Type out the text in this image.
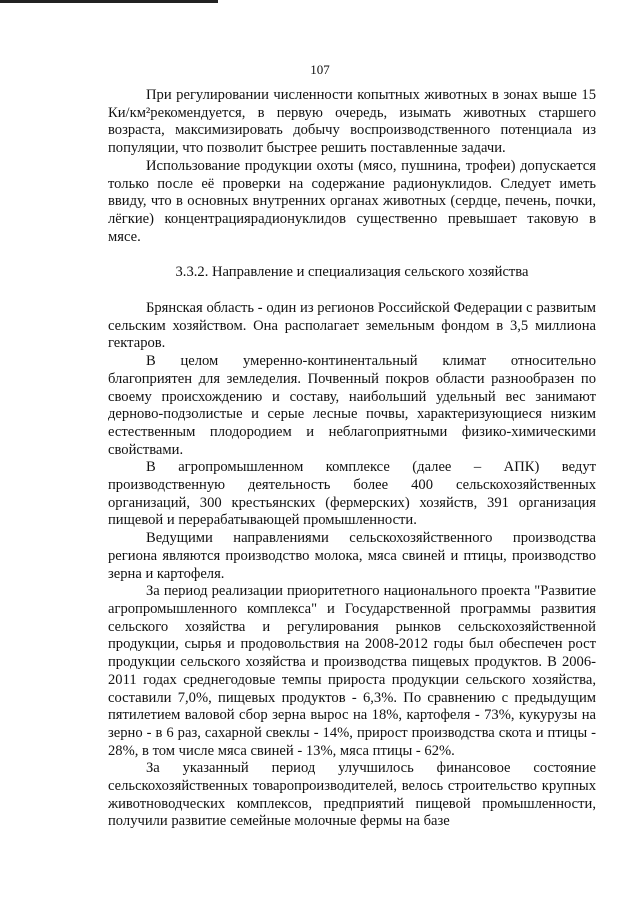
107

При регулировании численности копытных животных в зонах выше 15 Ки/км²рекомендуется, в первую очередь, изымать животных старшего возраста, максимизировать добычу воспроизводственного потенциала из популяции, что позволит быстрее решить поставленные задачи.

Использование продукции охоты (мясо, пушнина, трофеи) допускается только после её проверки на содержание радионуклидов. Следует иметь ввиду, что в основных внутренних органах животных (сердце, печень, почки, лёгкие) концентрациярадионуклидов существенно превышает таковую в мясе.

3.3.2. Направление и специализация сельского хозяйства

Брянская область - один из регионов Российской Федерации с развитым сельским хозяйством. Она располагает земельным фондом в 3,5 миллиона гектаров.

В целом умеренно-континентальный климат относительно благоприятен для земледелия. Почвенный покров области разнообразен по своему происхождению и составу, наибольший удельный вес занимают дерново-подзолистые и серые лесные почвы, характеризующиеся низким естественным плодородием и неблагоприятными физико-химическими свойствами.

В агропромышленном комплексе (далее – АПК) ведут производственную деятельность более 400 сельскохозяйственных организаций, 300 крестьянских (фермерских) хозяйств, 391 организация пищевой и перерабатывающей промышленности.

Ведущими направлениями сельскохозяйственного производства региона являются производство молока, мяса свиней и птицы, производство зерна и картофеля.

За период реализации приоритетного национального проекта "Развитие агропромышленного комплекса" и Государственной программы развития сельского хозяйства и регулирования рынков сельскохозяйственной продукции, сырья и продовольствия на 2008-2012 годы был обеспечен рост продукции сельского хозяйства и производства пищевых продуктов. В 2006-2011 годах среднегодовые темпы прироста продукции сельского хозяйства, составили 7,0%, пищевых продуктов - 6,3%. По сравнению с предыдущим пятилетием валовой сбор зерна вырос на 18%, картофеля - 73%, кукурузы на зерно - в 6 раз, сахарной свеклы - 14%, прирост производства скота и птицы - 28%, в том числе мяса свиней - 13%, мяса птицы - 62%.

За указанный период улучшилось финансовое состояние сельскохозяйственных товаропроизводителей, велось строительство крупных животноводческих комплексов, предприятий пищевой промышленности, получили развитие семейные молочные фермы на базе
